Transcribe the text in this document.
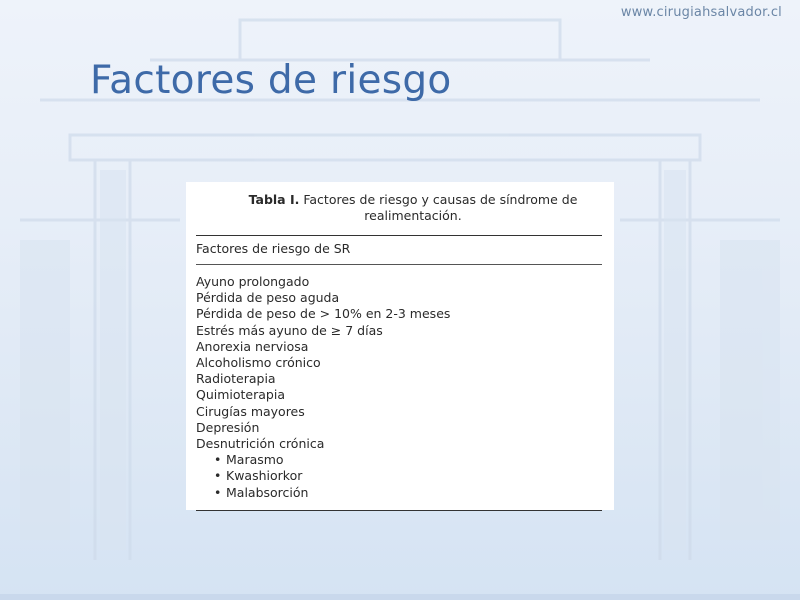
www.cirugiahsalvador.cl
Factores de riesgo
Tabla I. Factores de riesgo y causas de síndrome de realimentación.
Factores de riesgo de SR
Ayuno prolongado
Pérdida de peso aguda
Pérdida de peso de > 10% en 2-3 meses
Estrés más ayuno de ≥ 7 días
Anorexia nerviosa
Alcoholismo crónico
Radioterapia
Quimioterapia
Cirugías mayores
Depresión
Desnutrición crónica
• Marasmo
• Kwashiorkor
• Malabsorción
